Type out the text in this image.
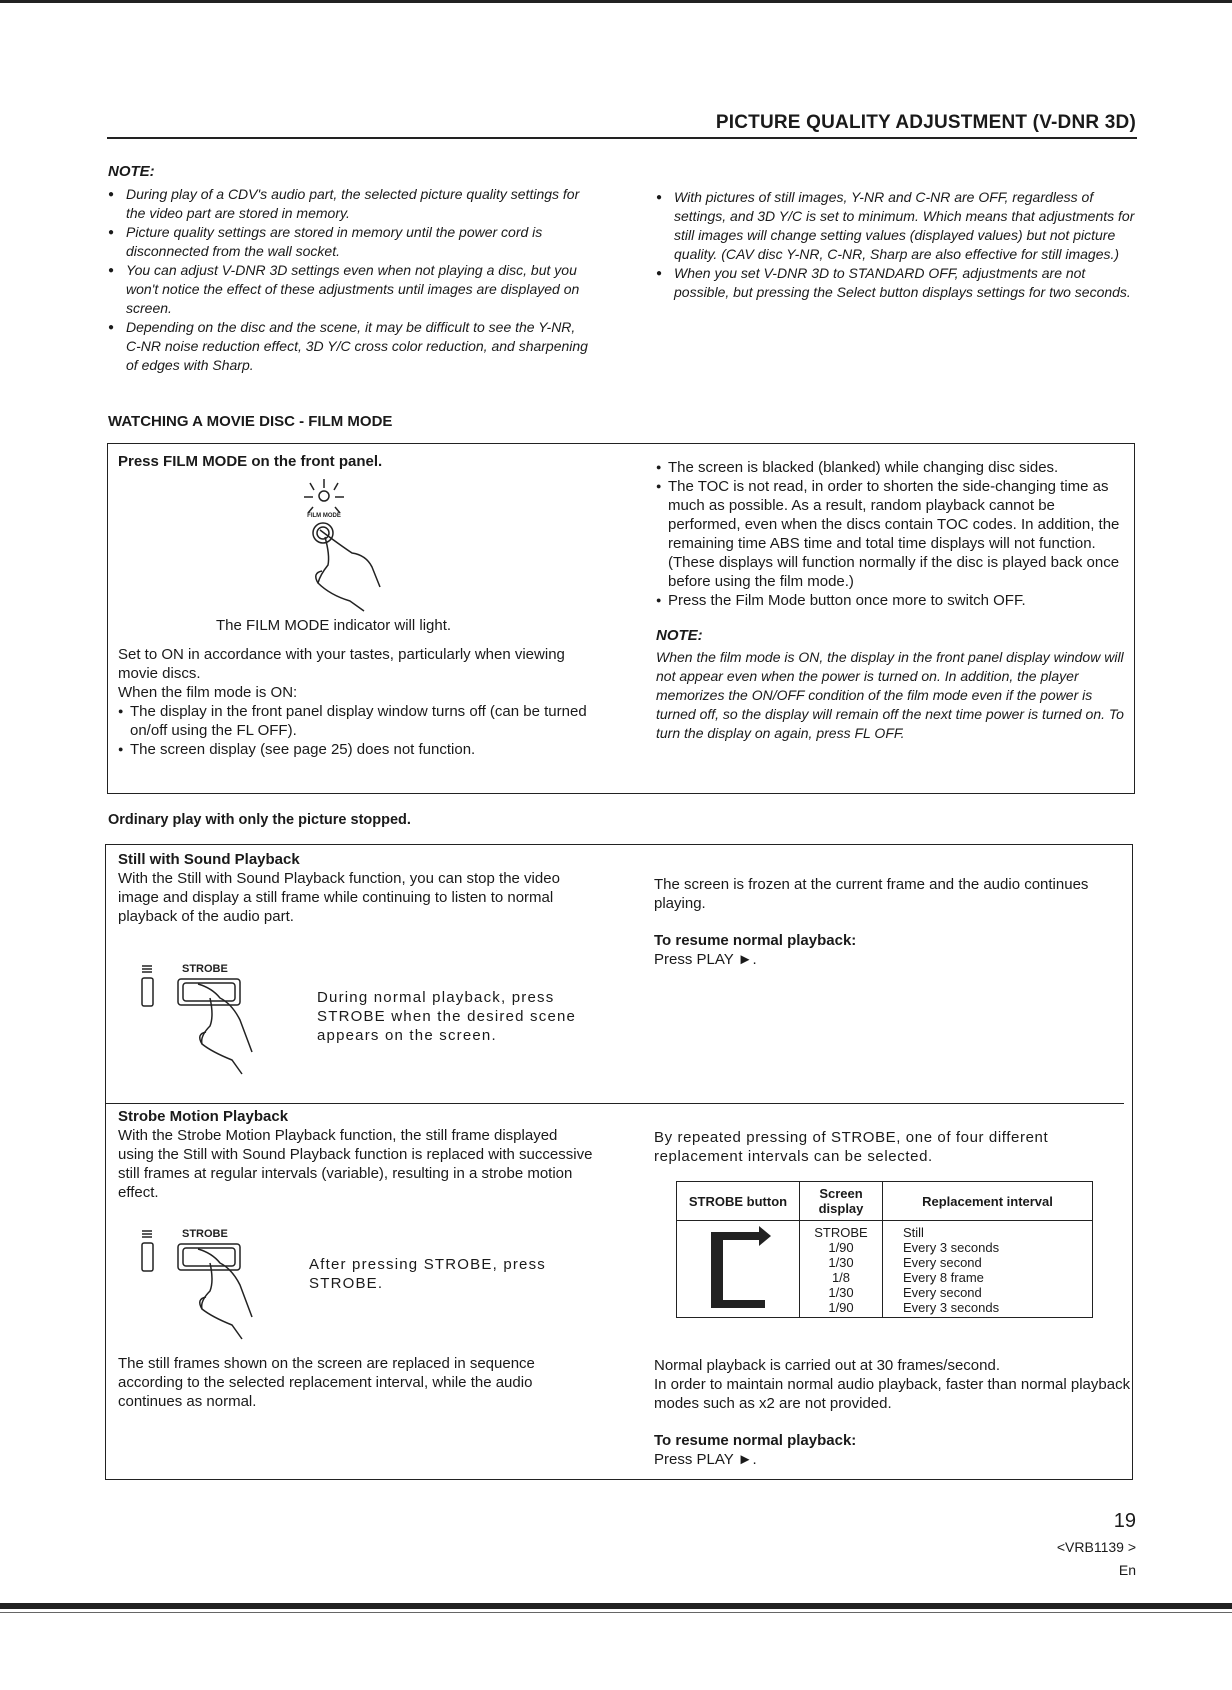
PICTURE QUALITY ADJUSTMENT (V-DNR 3D)
NOTE:
● During play of a CDV's audio part, the selected picture quality settings for the video part are stored in memory.
● Picture quality settings are stored in memory until the power cord is disconnected from the wall socket.
● You can adjust V-DNR 3D settings even when not playing a disc, but you won't notice the effect of these adjustments until images are displayed on screen.
● Depending on the disc and the scene, it may be difficult to see the Y-NR, C-NR noise reduction effect, 3D Y/C cross color reduction, and sharpening of edges with Sharp.
● With pictures of still images, Y-NR and C-NR are OFF, regardless of settings, and 3D Y/C is set to minimum. Which means that adjustments for still images will change setting values (displayed values) but not picture quality. (CAV disc Y-NR, C-NR, Sharp are also effective for still images.)
● When you set V-DNR 3D to STANDARD OFF, adjustments are not possible, but pressing the Select button displays settings for two seconds.
WATCHING A MOVIE DISC - FILM MODE
Press FILM MODE on the front panel.
FILM MODE
The FILM MODE indicator will light.
Set to ON in accordance with your tastes, particularly when viewing movie discs.
When the film mode is ON:
● The display in the front panel display window turns off (can be turned on/off using the FL OFF).
● The screen display (see page 25) does not function.
● The screen is blacked (blanked) while changing disc sides.
● The TOC is not read, in order to shorten the side-changing time as much as possible. As a result, random playback cannot be performed, even when the discs contain TOC codes. In addition, the remaining time ABS time and total time displays will not function. (These displays will function normally if the disc is played back once before using the film mode.)
● Press the Film Mode button once more to switch OFF.
NOTE:
When the film mode is ON, the display in the front panel display window will not appear even when the power is turned on. In addition, the player memorizes the ON/OFF condition of the film mode even if the power is turned off, so the display will remain off the next time power is turned on. To turn the display on again, press FL OFF.
Ordinary play with only the picture stopped.
Still with Sound Playback
With the Still with Sound Playback function, you can stop the video image and display a still frame while continuing to listen to normal playback of the audio part.
STROBE
During normal playback, press STROBE when the desired scene appears on the screen.
The screen is frozen at the current frame and the audio continues playing.
To resume normal playback:
Press PLAY ►.
Strobe Motion Playback
With the Strobe Motion Playback function, the still frame displayed using the Still with Sound Playback function is replaced with successive still frames at regular intervals (variable), resulting in a strobe motion effect.
STROBE
After pressing STROBE, press STROBE.
The still frames shown on the screen are replaced in sequence according to the selected replacement interval, while the audio continues as normal.
By repeated pressing of STROBE, one of four different replacement intervals can be selected.
STROBE button	Screen display	Replacement interval
	STROBE	Still
	1/90	Every 3 seconds
	1/30	Every second
	1/8	Every 8 frame
	1/30	Every second
	1/90	Every 3 seconds
Normal playback is carried out at 30 frames/second.
In order to maintain normal audio playback, faster than normal playback modes such as x2 are not provided.
To resume normal playback:
Press PLAY ►.
19
<VRB1139 >
En
